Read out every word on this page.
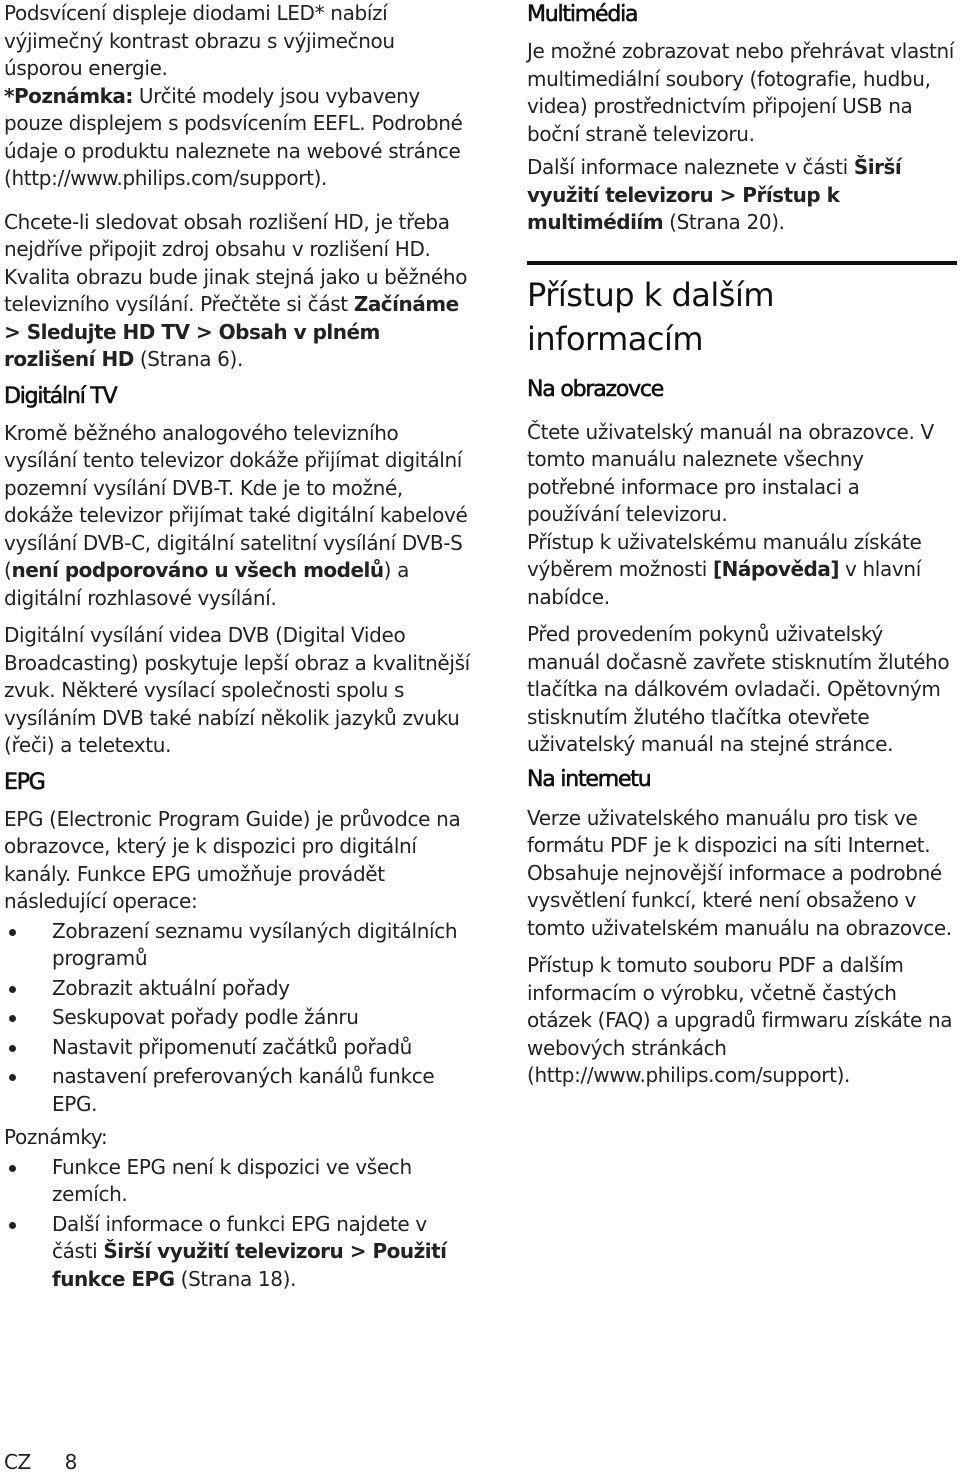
Podsvícení displeje diodami LED* nabízí výjimečný kontrast obrazu s výjimečnou úsporou energie.

*Poznámka: Určité modely jsou vybaveny pouze displejem s podsvícením EEFL. Podrobné údaje o produktu naleznete na webové stránce (http://www.philips.com/support).

Chcete-li sledovat obsah rozlišení HD, je třeba nejdříve připojit zdroj obsahu v rozlišení HD. Kvalita obrazu bude jinak stejná jako u běžného televizního vysílání. Přečtěte si část Začínáme > Sledujte HD TV > Obsah v plném rozlišení HD (Strana 6).

Digitální TV

Kromě běžného analogového televizního vysílání tento televizor dokáže přijímat digitální pozemní vysílání DVB-T. Kde je to možné, dokáže televizor přijímat také digitální kabelové vysílání DVB-C, digitální satelitní vysílání DVB-S (není podporováno u všech modelů) a digitální rozhlasové vysílání.

Digitální vysílání videa DVB (Digital Video Broadcasting) poskytuje lepší obraz a kvalitnější zvuk. Některé vysílací společnosti spolu s vysíláním DVB také nabízí několik jazyků zvuku (řeči) a teletextu.

EPG

EPG (Electronic Program Guide) je průvodce na obrazovce, který je k dispozici pro digitální kanály. Funkce EPG umožňuje provádět následující operace:

Zobrazení seznamu vysílaných digitálních programů
Zobrazit aktuální pořady
Seskupovat pořady podle žánru
Nastavit připomenutí začátků pořadů
nastavení preferovaných kanálů funkce EPG.

Poznámky:

Funkce EPG není k dispozici ve všech zemích.
Další informace o funkci EPG najdete v části Širší využití televizoru > Použití funkce EPG (Strana 18).
Multimédia

Je možné zobrazovat nebo přehrávat vlastní multimediální soubory (fotografie, hudbu, videa) prostřednictvím připojení USB na boční straně televizoru.

Další informace naleznete v části Širší využití televizoru > Přístup k multimédiím (Strana 20).

Přístup k dalším informacím
Na obrazovce

Čtete uživatelský manuál na obrazovce. V tomto manuálu naleznete všechny potřebné informace pro instalaci a používání televizoru.

Přístup k uživatelskému manuálu získáte výběrem možnosti [Nápověda] v hlavní nabídce.

Před provedením pokynů uživatelský manuál dočasně zavřete stisknutím žlutého tlačítka na dálkovém ovladači. Opětovným stisknutím žlutého tlačítka otevřete uživatelský manuál na stejné stránce.

Na internetu

Verze uživatelského manuálu pro tisk ve formátu PDF je k dispozici na síti Internet. Obsahuje nejnovější informace a podrobné vysvětlení funkcí, které není obsaženo v tomto uživatelském manuálu na obrazovce.

Přístup k tomuto souboru PDF a dalším informacím o výrobku, včetně častých otázek (FAQ) a upgradů firmwaru získáte na webových stránkách (http://www.philips.com/support).

CZ 8
